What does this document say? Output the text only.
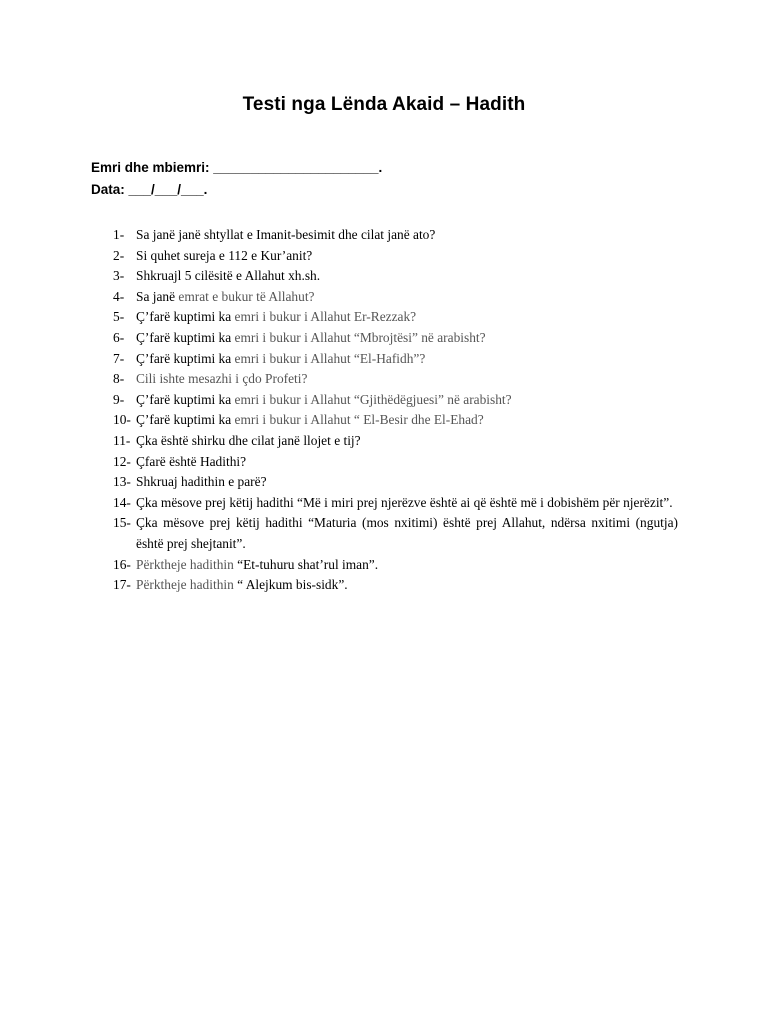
Testi nga Lënda Akaid – Hadith
Emri dhe mbiemri: ______________________.
Data: ___/___/___.
1- Sa janë janë shtyllat e Imanit-besimit dhe cilat janë ato?
2- Si quhet sureja e 112 e Kur’anit?
3- Shkruajl 5 cilësitë e Allahut xh.sh.
4- Sa janë emrat e bukur të Allahut?
5- Ç’farë kuptimi ka emri i bukur i Allahut Er-Rezzak?
6- Ç’farë kuptimi ka emri i bukur i Allahut “Mbrojtësi” në arabisht?
7- Ç’farë kuptimi ka emri i bukur i Allahut “El-Hafidh”?
8- Cili ishte mesazhi i çdo Profeti?
9- Ç’farë kuptimi ka emri i bukur i Allahut “Gjithëdëgjuesi” në arabisht?
10- Ç’farë kuptimi ka emri i bukur i Allahut “ El-Besir dhe El-Ehad?
11- Çka është shirku dhe cilat janë llojet e tij?
12- Çfarë është Hadithi?
13- Shkruaj hadithin e parë?
14- Çka mësove prej këtij hadithi “Më i miri prej njerëzve është ai që është më i dobishëm për njerëzit”.
15- Çka mësove prej këtij hadithi “Maturia (mos nxitimi) është prej Allahut, ndërsa nxitimi (ngutja) është prej shejtanit”.
16- Përktheje hadithin “Et-tuhuru shat’rul iman”.
17- Përktheje hadithin “ Alejkum bis-sidk”.
